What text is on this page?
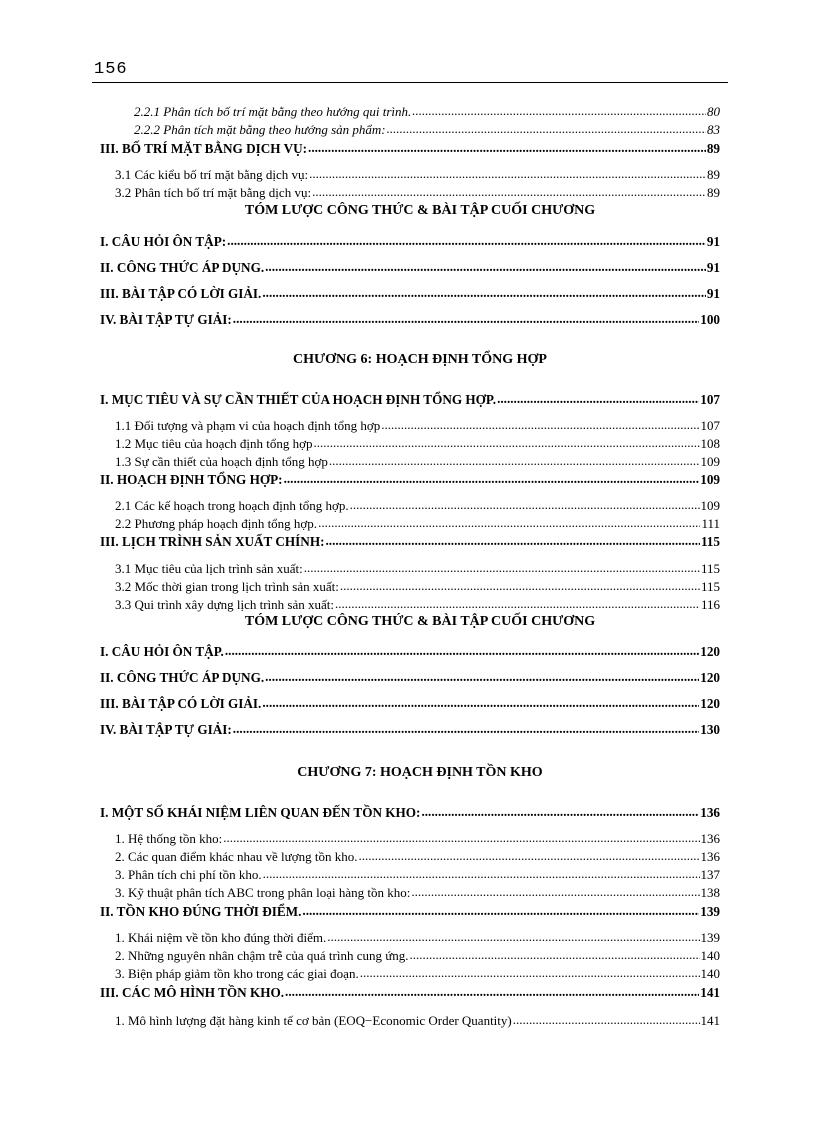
156
2.2.1 Phân tích bố trí mặt bằng theo hướng qui trình. .....	80
2.2.2 Phân tích mặt bằng theo hướng sản phẩm: .....	83
III. BỐ TRÍ MẶT BẰNG DỊCH VỤ: .....	89
3.1 Các kiểu bố trí mặt bằng dịch vụ: .....	89
3.2 Phân tích bố trí mặt bằng dịch vụ: .....	89
TÓM LƯỢC CÔNG THỨC & BÀI TẬP CUỐI CHƯƠNG
I. CÂU HỎI ÔN TẬP: .....	91
II. CÔNG THỨC ÁP DỤNG. .....	91
III. BÀI TẬP CÓ LỜI GIẢI. .....	91
IV. BÀI TẬP TỰ GIẢI: .....	100
CHƯƠNG 6: HOẠCH ĐỊNH TỔNG HỢP
I. MỤC TIÊU VÀ SỰ CẦN THIẾT CỦA HOẠCH ĐỊNH TỔNG HỢP. .....	107
1.1 Đối tượng và phạm vi của hoạch định tổng hợp .....	107
1.2 Mục tiêu của hoạch định tổng hợp .....	108
1.3 Sự cần thiết của hoạch định tổng hợp .....	109
II. HOẠCH ĐỊNH TỔNG HỢP: .....	109
2.1 Các kế hoạch trong hoạch định tổng hợp. .....	109
2.2 Phương pháp hoạch định tổng hợp. .....	111
III. LỊCH TRÌNH SẢN XUẤT CHÍNH: .....	115
3.1 Mục tiêu của lịch trình sản xuất: .....	115
3.2 Mốc thời gian trong lịch trình sản xuất: .....	115
3.3 Qui trình xây dựng lịch trình sản xuất: .....	116
TÓM LƯỢC CÔNG THỨC & BÀI TẬP CUỐI CHƯƠNG
I. CÂU HỎI ÔN TẬP. .....	120
II. CÔNG THỨC ÁP DỤNG. .....	120
III. BÀI TẬP CÓ LỜI GIẢI. .....	120
IV. BÀI TẬP TỰ GIẢI: .....	130
CHƯƠNG 7: HOẠCH ĐỊNH TỒN KHO
I. MỘT SỐ KHÁI NIỆM LIÊN QUAN ĐẾN TỒN KHO: .....	136
1. Hệ thống tồn kho: .....	136
2. Các quan điểm khác nhau về lượng tồn kho. .....	136
3. Phân tích chi phí tồn kho. .....	137
3. Kỹ thuật phân tích ABC trong phân loại hàng tồn kho: .....	138
II. TỒN KHO ĐÚNG THỜI ĐIỂM. .....	139
1. Khái niệm về tồn kho đúng thời điểm. .....	139
2. Những nguyên nhân chậm trễ của quá trình cung ứng. .....	140
3. Biện pháp giảm tồn kho trong các giai đoạn. .....	140
III. CÁC MÔ HÌNH TỒN KHO. .....	141
1. Mô hình lượng đặt hàng kinh tế cơ bản (EOQ−Economic Order Quantity) .....	141
